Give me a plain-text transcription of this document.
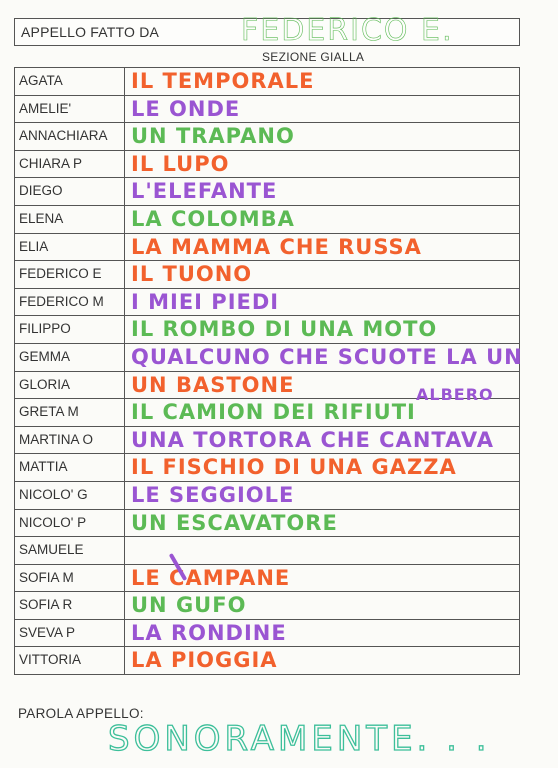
APPELLO FATTO DA	FEDERICO E.
SEZIONE GIALLA
AGATA	IL TEMPORALE
AMELIE'	LE ONDE
ANNACHIARA	UN TRAPANO
CHIARA P	IL LUPO
DIEGO	L'ELEFANTE
ELENA	LA COLOMBA
ELIA	LA MAMMA CHE RUSSA
FEDERICO E	IL TUONO
FEDERICO M	I MIEI PIEDI
FILIPPO	IL ROMBO DI UNA MOTO
GEMMA	QUALCUNO CHE SCUOTE LA UN
GLORIA	UN BASTONE
GRETA M	IL CAMION DEI RIFIUTI
MARTINA O	UNA TORTORA CHE CANTAVA
MATTIA	IL FISCHIO DI UNA GAZZA
NICOLO' G	LE SEGGIOLE
NICOLO' P	UN ESCAVATORE
SAMUELE
SOFIA M	LE CAMPANE
SOFIA R	UN GUFO
SVEVA P	LA RONDINE
VITTORIA	LA PIOGGIA
ALBERO
PAROLA APPELLO:
SONORAMENTE. . .
